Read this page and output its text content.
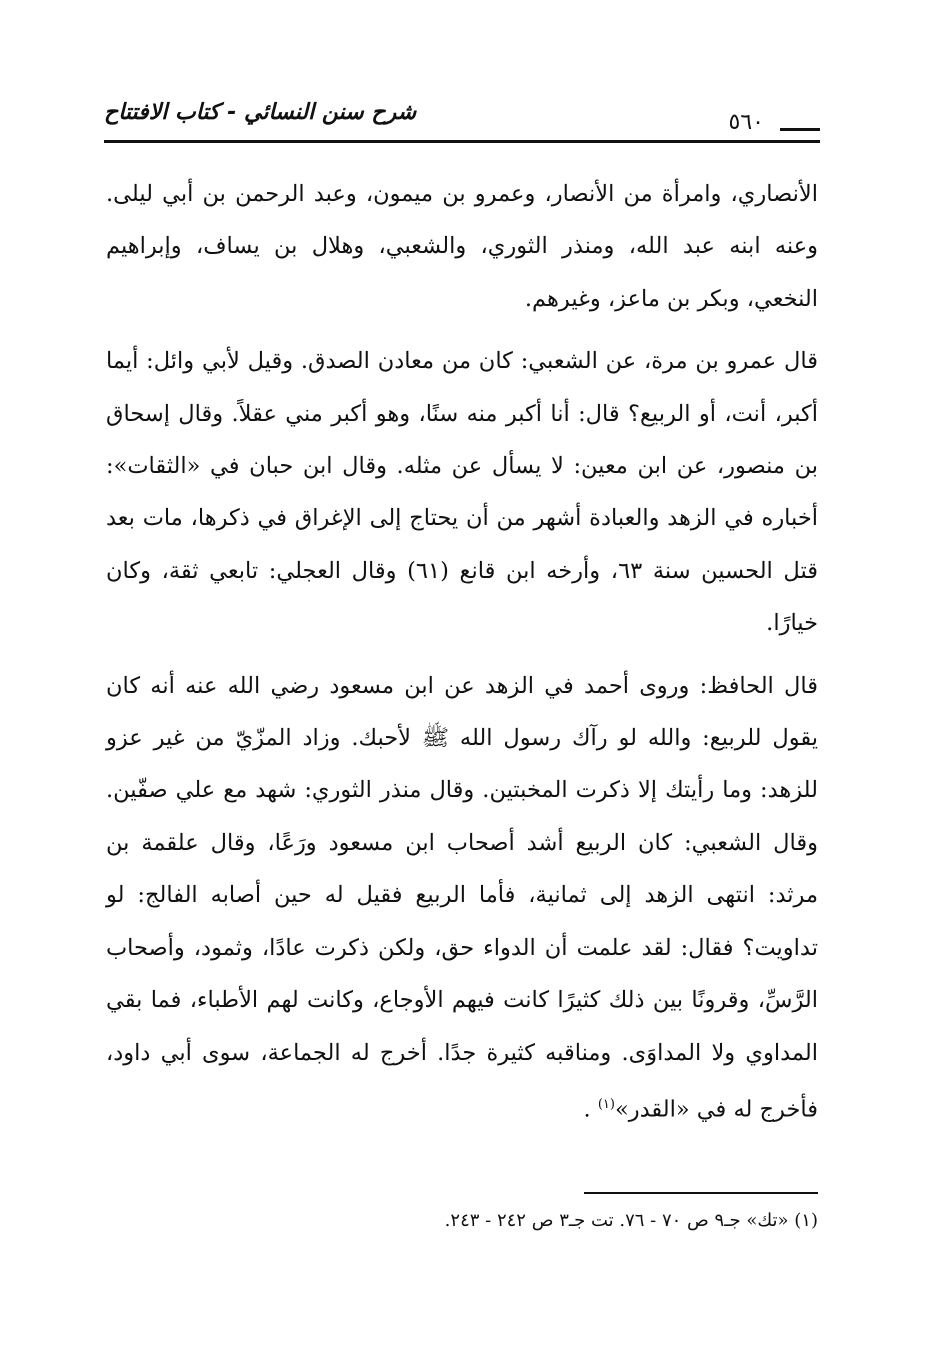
شرح سنن النسائي - كتاب الافتتاح	٥٦٠

الأنصاري، وامرأة من الأنصار، وعمرو بن ميمون، وعبد الرحمن بن أبي ليلى. وعنه ابنه عبد الله، ومنذر الثوري، والشعبي، وهلال بن يساف، وإبراهيم النخعي، وبكر بن ماعز، وغيرهم.

قال عمرو بن مرة، عن الشعبي: كان من معادن الصدق. وقيل لأبي وائل: أيما أكبر، أنت، أو الربيع؟ قال: أنا أكبر منه سنًا، وهو أكبر مني عقلاً. وقال إسحاق بن منصور، عن ابن معين: لا يسأل عن مثله. وقال ابن حبان في «الثقات»: أخباره في الزهد والعبادة أشهر من أن يحتاج إلى الإغراق في ذكرها، مات بعد قتل الحسين سنة ٦٣، وأرخه ابن قانع (٦١) وقال العجلي: تابعي ثقة، وكان خيارًا.

قال الحافظ: وروى أحمد في الزهد عن ابن مسعود رضي الله عنه أنه كان يقول للربيع: والله لو رآك رسول الله ﷺ لأحبك. وزاد المزّيّ من غير عزو للزهد: وما رأيتك إلا ذكرت المخبتين. وقال منذر الثوري: شهد مع علي صفّين. وقال الشعبي: كان الربيع أشد أصحاب ابن مسعود ورَعًا، وقال علقمة بن مرثد: انتهى الزهد إلى ثمانية، فأما الربيع فقيل له حين أصابه الفالج: لو تداويت؟ فقال: لقد علمت أن الدواء حق، ولكن ذكرت عادًا، وثمود، وأصحاب الرَّسِّ، وقرونًا بين ذلك كثيرًا كانت فيهم الأوجاع، وكانت لهم الأطباء، فما بقي المداوي ولا المداوَى. ومناقبه كثيرة جدًا. أخرج له الجماعة، سوى أبي داود، فأخرج له في «القدر»$^{(١)}$ .

(١) «تك» جـ٩ ص ٧٠ - ٧٦. تت جـ٣ ص ٢٤٢ - ٢٤٣.
